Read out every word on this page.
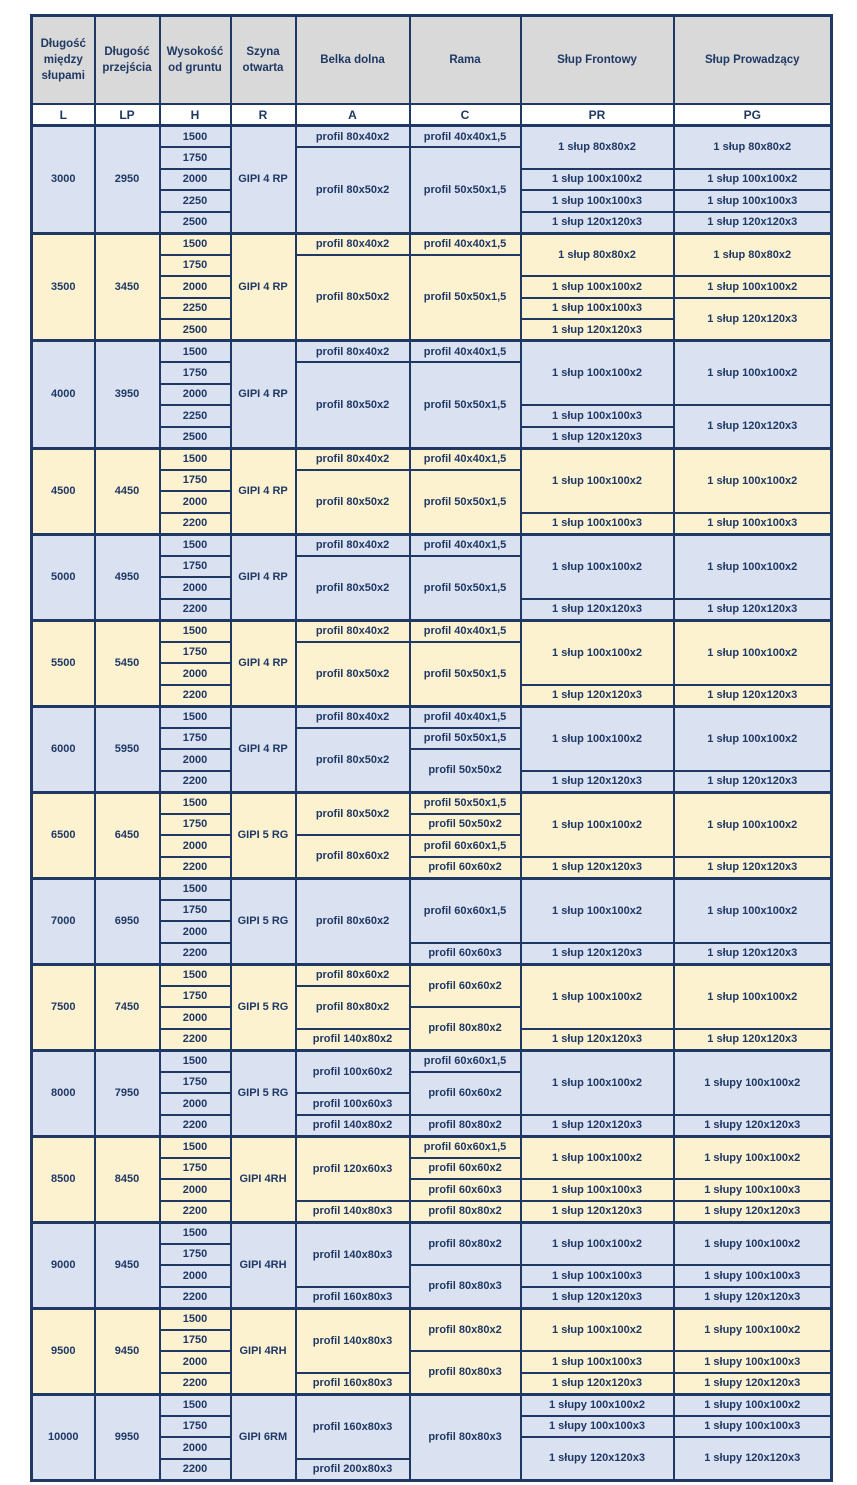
Długość między słupami	Długość przejścia	Wysokość od gruntu	Szyna otwarta	Belka dolna	Rama	Słup Frontowy	Słup Prowadzący
L	LP	H	R	A	C	PR	PG
3000	2950	1500	GIPI 4 RP	profil 80x40x2	profil 40x40x1,5	1 słup 80x80x2	1 słup 80x80x2
		1750		profil 80x50x2	profil 50x50x1,5		
		2000				1 słup 100x100x2	1 słup 100x100x2
		2250				1 słup 100x100x3	1 słup 100x100x3
		2500				1 słup 120x120x3	1 słup 120x120x3
3500	3450	1500	GIPI 4 RP	profil 80x40x2	profil 40x40x1,5	1 słup 80x80x2	1 słup 80x80x2
		1750		profil 80x50x2	profil 50x50x1,5		
		2000				1 słup 100x100x2	1 słup 100x100x2
		2250				1 słup 100x100x3	1 słup 120x120x3
		2500				1 słup 120x120x3	
4000	3950	1500	GIPI 4 RP	profil 80x40x2	profil 40x40x1,5	1 słup 100x100x2	1 słup 100x100x2
		1750		profil 80x50x2	profil 50x50x1,5		
		2000					
		2250				1 słup 100x100x3	1 słup 120x120x3
		2500				1 słup 120x120x3	
4500	4450	1500	GIPI 4 RP	profil 80x40x2	profil 40x40x1,5	1 słup 100x100x2	1 słup 100x100x2
		1750		profil 80x50x2	profil 50x50x1,5		
		2000					
		2200				1 słup 100x100x3	1 słup 100x100x3
5000	4950	1500	GIPI 4 RP	profil 80x40x2	profil 40x40x1,5	1 słup 100x100x2	1 słup 100x100x2
		1750		profil 80x50x2	profil 50x50x1,5		
		2000					
		2200				1 słup 120x120x3	1 słup 120x120x3
5500	5450	1500	GIPI 4 RP	profil 80x40x2	profil 40x40x1,5	1 słup 100x100x2	1 słup 100x100x2
		1750		profil 80x50x2	profil 50x50x1,5		
		2000					
		2200				1 słup 120x120x3	1 słup 120x120x3
6000	5950	1500	GIPI 4 RP	profil 80x40x2	profil 40x40x1,5	1 słup 100x100x2	1 słup 100x100x2
		1750		profil 80x50x2	profil 50x50x1,5		
		2000			profil 50x50x2		
		2200				1 słup 120x120x3	1 słup 120x120x3
6500	6450	1500	GIPI 5 RG	profil 80x50x2	profil 50x50x1,5	1 słup 100x100x2	1 słup 100x100x2
		1750			profil 50x50x2		
		2000		profil 80x60x2	profil 60x60x1,5		
		2200			profil 60x60x2	1 słup 120x120x3	1 słup 120x120x3
7000	6950	1500	GIPI 5 RG	profil 80x60x2	profil 60x60x1,5	1 słup 100x100x2	1 słup 100x100x2
		1750					
		2000					
		2200			profil 60x60x3	1 słup 120x120x3	1 słup 120x120x3
7500	7450	1500	GIPI 5 RG	profil 80x60x2	profil 60x60x2	1 słup 100x100x2	1 słup 100x100x2
		1750		profil 80x80x2			
		2000			profil 80x80x2		
		2200		profil 140x80x2		1 słup 120x120x3	1 słup 120x120x3
8000	7950	1500	GIPI 5 RG	profil 100x60x2	profil 60x60x1,5	1 słup 100x100x2	1 słupy 100x100x2
		1750			profil 60x60x2		
		2000		profil 100x60x3			
		2200		profil 140x80x2	profil 80x80x2	1 słup 120x120x3	1 słupy 120x120x3
8500	8450	1500	GIPI 4RH	profil 120x60x3	profil 60x60x1,5	1 słup 100x100x2	1 słupy 100x100x2
		1750			profil 60x60x2		
		2000			profil 60x60x3	1 słup 100x100x3	1 słupy 100x100x3
		2200		profil 140x80x3	profil 80x80x2	1 słup 120x120x3	1 słupy 120x120x3
9000	9450	1500	GIPI 4RH	profil 140x80x3	profil 80x80x2	1 słup 100x100x2	1 słupy 100x100x2
		1750					
		2000			profil 80x80x3	1 słup 100x100x3	1 słupy 100x100x3
		2200		profil 160x80x3		1 słup 120x120x3	1 słupy 120x120x3
9500	9450	1500	GIPI 4RH	profil 140x80x3	profil 80x80x2	1 słup 100x100x2	1 słupy 100x100x2
		1750					
		2000			profil 80x80x3	1 słup 100x100x3	1 słupy 100x100x3
		2200		profil 160x80x3		1 słup 120x120x3	1 słupy 120x120x3
10000	9950	1500	GIPI 6RM	profil 160x80x3	profil 80x80x3	1 słupy 100x100x2	1 słupy 100x100x2
		1750				1 słupy 100x100x3	1 słupy 100x100x3
		2000				1 słupy 120x120x3	1 słupy 120x120x3
		2200		profil 200x80x3			
